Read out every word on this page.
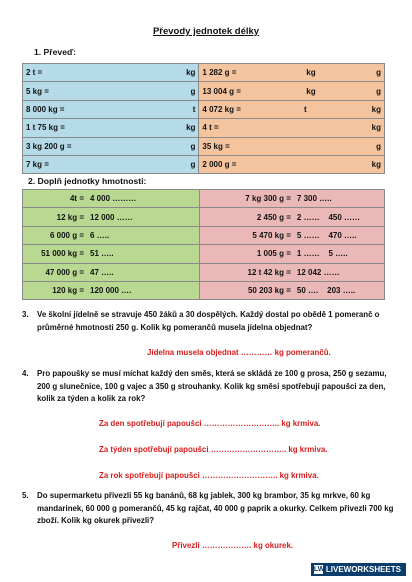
Převody jednotek délky
1. Převeď:
2 t = kg	1 282 g = kg g

5 kg = g	13 004 g = kg g

8 000 kg = t	4 072 kg = t kg

1 t 75 kg = kg	4 t = kg

3 kg 200 g = g	35 kg = g

7 kg = g	2 000 g = kg
2. Doplň jednotky hmotnosti:
4t = 4 000 ………	7 kg 300 g = 7 300 …..

12 kg = 12 000 ……	2 450 g = 2 ……    450 ……

6 000 g = 6 …..	5 470 kg = 5 ……    470 …..

51 000 kg = 51 …..	1 005 g = 1 ……    5 …..

47 000 g = 47 …..	12 t 42 kg = 12 042 ……

120 kg = 120 000 ….	50 203 kg = 50 ….    203 …..
3. Ve školní jídelně se stravuje 450 žáků a 30 dospělých. Každý dostal po obědě 1 pomeranč o průměrné hmotnosti 250 g. Kolik kg pomerančů musela jídelna objednat?
Jídelna musela objednat ………… kg pomerančů.
4. Pro papoušky se musí míchat každý den směs, která se skládá ze 100 g prosa, 250 g sezamu, 200 g slunečnice, 100 g vajec a 350 g strouhanky. Kolik kg směsi spotřebují papoušci za den, kolik za týden a kolik za rok?
Za den spotřebují papoušci ……………………….. kg krmiva.
Za týden spotřebují papoušci ……………………….. kg krmiva.
Za rok spotřebují papoušci ……………………….. kg krmiva.
5. Do supermarketu přivezli 55 kg banánů, 68 kg jablek, 300 kg brambor, 35 kg mrkve, 60 kg mandarinek, 60 000 g pomerančů, 45 kg rajčat, 40 000 g paprik a okurky. Celkem přivezli 700 kg zboží. Kolik kg okurek přivezli?
Přivezli ………………. kg okurek.
LW LIVEWORKSHEETS
